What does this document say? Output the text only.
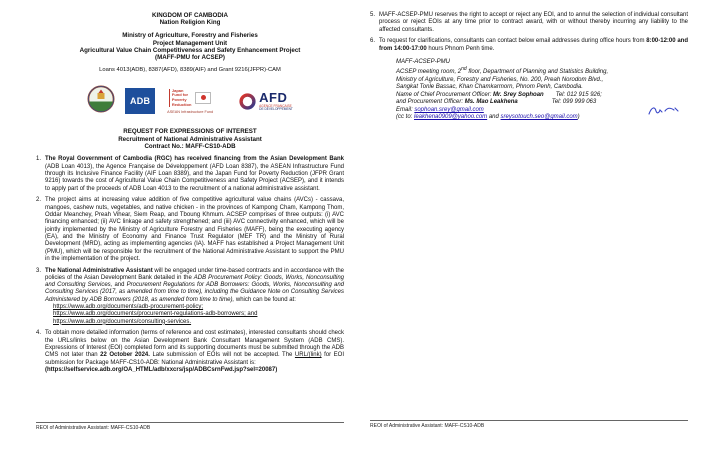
KINGDOM OF CAMBODIA
Nation Religion King
Ministry of Agriculture, Forestry and Fisheries
Project Management Unit
Agricultural Value Chain Competitiveness and Safety Enhancement Project
(MAFF-PMU for ACSEP)
Loans 4013(ADB), 8387(AFD), 8389(AIF) and Grant 9216(JFPR)-CAM
ADB
Japan
Fund for
Poverty
Reduction
ASEAN Infrastructure Fund
AFD
AGENCE FRANÇAISE
DE DÉVELOPPEMENT
REQUEST FOR EXPRESSIONS OF INTEREST
Recruitment of National Administrative Assistant
Contract No.: MAFF-CS10-ADB
1. The Royal Government of Cambodia (RGC) has received financing from the Asian Development Bank (ADB Loan 4013), the Agence Française de Développement (AFD Loan 8387), the ASEAN Infrastructure Fund through its Inclusive Finance Facility (AIF Loan 8389), and the Japan Fund for Poverty Reduction (JFPR Grant 9216) towards the cost of Agricultural Value Chain Competitiveness and Safety Project (ACSEP), and it intends to apply part of the proceeds of ADB Loan 4013 to the recruitment of a national administrative assistant.
2. The project aims at increasing value addition of five competitive agricultural value chains (AVCs) - cassava, mangoes, cashew nuts, vegetables, and native chicken - in the provinces of Kampong Cham, Kampong Thom, Oddar Meanchey, Preah Vihear, Siem Reap, and Tboung Khmum. ACSEP comprises of three outputs: (i) AVC financing enhanced; (ii) AVC linkage and safety strengthened; and (iii) AVC connectivity enhanced, which will be jointly implemented by the Ministry of Agriculture Forestry and Fisheries (MAFF), being the executing agency (EA), and the Ministry of Economy and Finance Trust Regulator (MEF TR) and the Ministry of Rural Development (MRD), acting as implementing agencies (IA). MAFF has established a Project Management Unit (PMU), which will be responsible for the recruitment of the National Administrative Assistant to support the PMU in the implementation of the project.
3. The National Administrative Assistant will be engaged under time-based contracts and in accordance with the policies of the Asian Development Bank detailed in the ADB Procurement Policy: Goods, Works, Nonconsulting and Consulting Services, and Procurement Regulations for ADB Borrowers: Goods, Works, Nonconsulting and Consulting Services (2017, as amended from time to time), including the Guidance Note on Consulting Services Administered by ADB Borrowers (2018, as amended from time to time), which can be found at:
https://www.adb.org/documents/adb-procurement-policy;
https://www.adb.org/documents/procurement-regulations-adb-borrowers; and
https://www.adb.org/documents/consulting-services.
4. To obtain more detailed information (terms of reference and cost estimates), interested consultants should check the URLs/links below on the Asian Development Bank Consultant Management System (ADB CMS). Expressions of Interest (EOI) completed form and its supporting documents must be submitted through the ADB CMS not later than 22 October 2024. Late submission of EOIs will not be accepted. The URL/(link) for EOI submission for Package MAFF-CS10-ADB: National Administrative Assistant is:
(https://selfservice.adb.org/OA_HTML/adb/xxcrs/jsp/ADBCsrnFwd.jsp?sel=20087)
REOI of Administrative Assistant: MAFF-CS10-ADB
5. MAFF-ACSEP-PMU reserves the right to accept or reject any EOI, and to annul the selection of individual consultant process or reject EOIs at any time prior to contract award, with or without thereby incurring any liability to the affected consultants.
6. To request for clarifications, consultants can contact below email addresses during office hours from 8:00-12:00 and from 14:00-17:00 hours Phnom Penh time.
MAFF-ACSEP-PMU
ACSEP meeting room, 2nd floor, Department of Planning and Statistics Building,
Ministry of Agriculture, Forestry and Fisheries, No. 200, Preah Norodom Blvd.,
Sangkat Tonle Bassac, Khan Chamkarmorn, Phnom Penh, Cambodia.
Name of Chief Procurement Officer: Mr. Srey Sophoan Tel: 012 915 926;
and Procurement Officer: Ms. Mao Leakhena	Tel: 099 999 063
Email: sophoan.srey@gmail.com
(cc to: leakhena0909@yahoo.com and sreysotouch.seo@gmail.com)
REOI of Administrative Assistant: MAFF-CS10-ADB
